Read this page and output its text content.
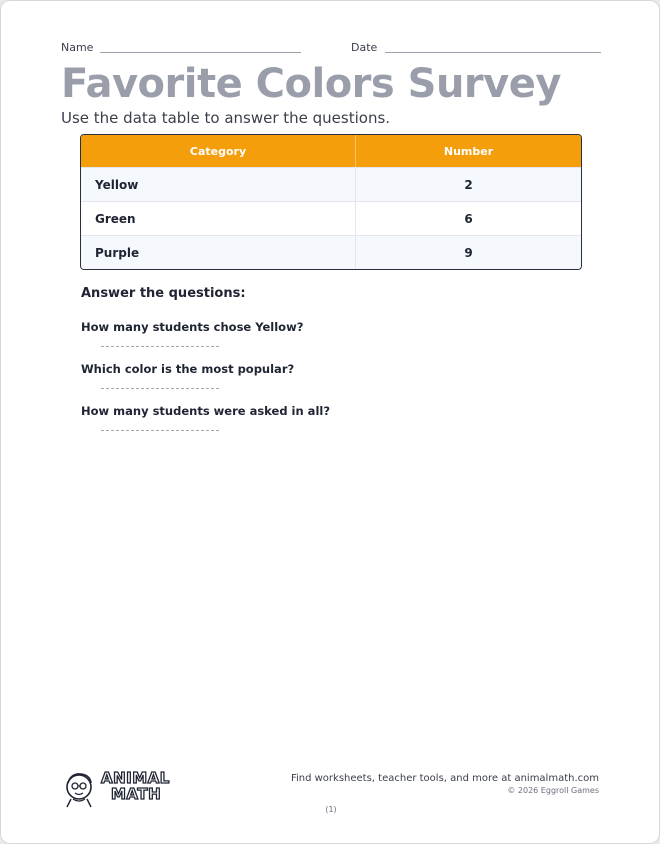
Name	Date
Favorite Colors Survey
Use the data table to answer the questions.
Category	Number
Yellow	2
Green	6
Purple	9
Answer the questions:
How many students chose Yellow?
Which color is the most popular?
How many students were asked in all?
ANIMAL
MATH
Find worksheets, teacher tools, and more at animalmath.com
© 2026 Eggroll Games
(1)
